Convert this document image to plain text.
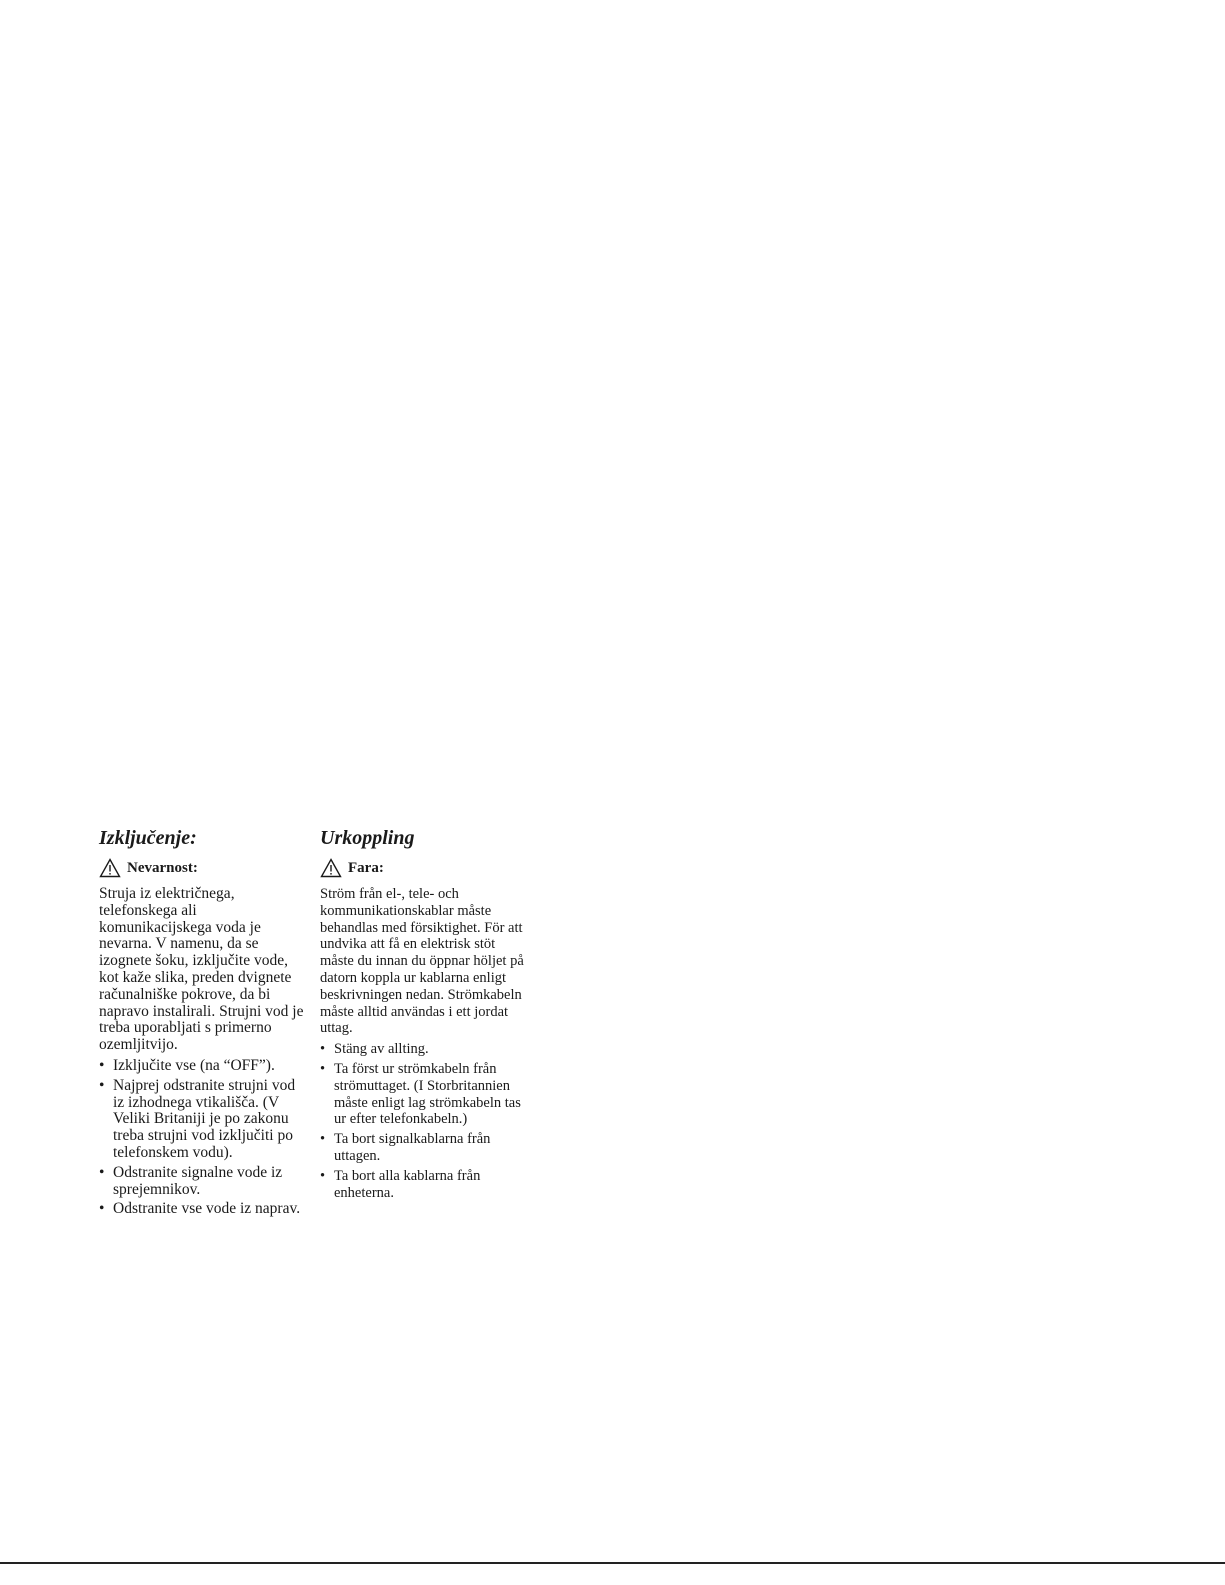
Izključenje:
Nevarnost:

Struja iz električnega, telefonskega ali komunikacijskega voda je nevarna. V namenu, da se izognete šoku, izključite vode, kot kaže slika, preden dvignete računalniške pokrove, da bi napravo instalirali. Strujni vod je treba uporabljati s primerno ozemljitvijo.

• Izključite vse (na “OFF”).
• Najprej odstranite strujni vod iz izhodnega vtikališča. (V Veliki Britaniji je po zakonu treba strujni vod izključiti po telefonskem vodu).
• Odstranite signalne vode iz sprejemnikov.
• Odstranite vse vode iz naprav.
Urkoppling
Fara:

Ström från el-, tele- och kommunikationskablar måste behandlas med försiktighet. För att undvika att få en elektrisk stöt måste du innan du öppnar höljet på datorn koppla ur kablarna enligt beskrivningen nedan. Strömkabeln måste alltid användas i ett jordat uttag.

• Stäng av allting.
• Ta först ur strömkabeln från strömuttaget. (I Storbritannien måste enligt lag strömkabeln tas ur efter telefonkabeln.)
• Ta bort signalkablarna från uttagen.
• Ta bort alla kablarna från enheterna.
